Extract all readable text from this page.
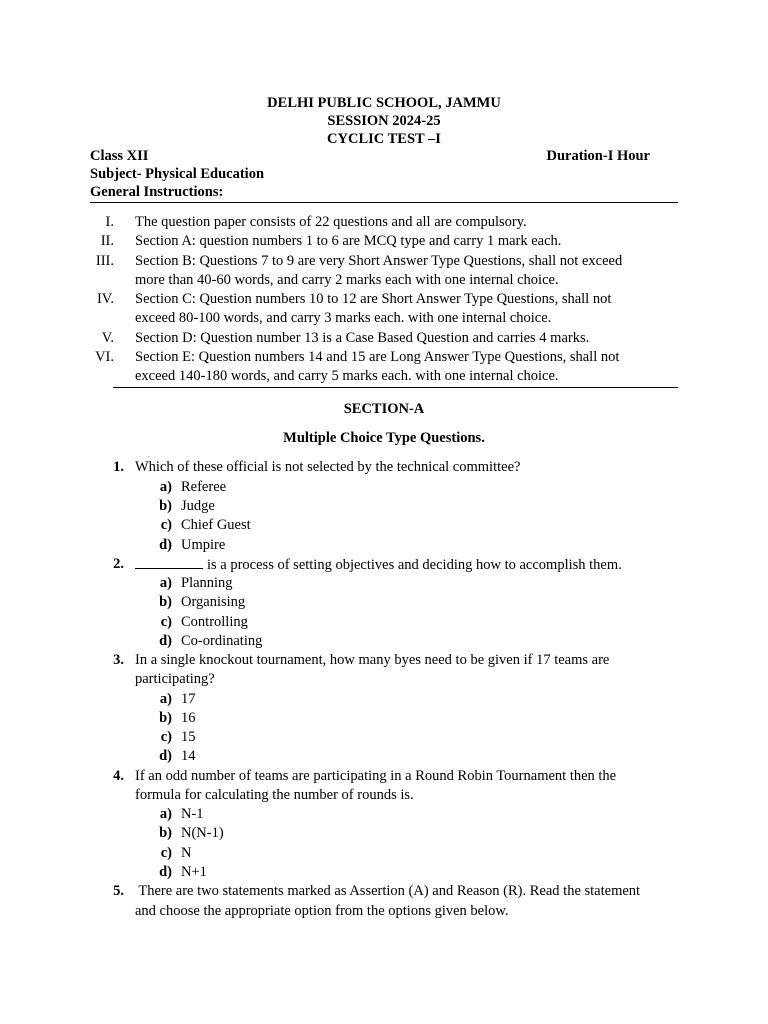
DELHI PUBLIC SCHOOL, JAMMU
SESSION 2024-25
CYCLIC TEST –I
Class XII	Duration-I Hour
Subject- Physical Education
General Instructions:
I. The question paper consists of 22 questions and all are compulsory.
II. Section A: question numbers 1 to 6 are MCQ type and carry 1 mark each.
III. Section B: Questions 7 to 9 are very Short Answer Type Questions, shall not exceed
more than 40-60 words, and carry 2 marks each with one internal choice.
IV. Section C: Question numbers 10 to 12 are Short Answer Type Questions, shall not
exceed 80-100 words, and carry 3 marks each. with one internal choice.
V. Section D: Question number 13 is a Case Based Question and carries 4 marks.
VI. Section E: Question numbers 14 and 15 are Long Answer Type Questions, shall not
exceed 140-180 words, and carry 5 marks each. with one internal choice.
SECTION-A
Multiple Choice Type Questions.
1. Which of these official is not selected by the technical committee?
a) Referee
b) Judge
c) Chief Guest
d) Umpire
2.	is a process of setting objectives and deciding how to accomplish them.
a) Planning
b) Organising
c) Controlling
d) Co-ordinating
3. In a single knockout tournament, how many byes need to be given if 17 teams are
participating?
a) 17
b) 16
c) 15
d) 14
4. If an odd number of teams are participating in a Round Robin Tournament then the
formula for calculating the number of rounds is.
a) N-1
b) N(N-1)
c) N
d) N+1
5. There are two statements marked as Assertion (A) and Reason (R). Read the statement
and choose the appropriate option from the options given below.
